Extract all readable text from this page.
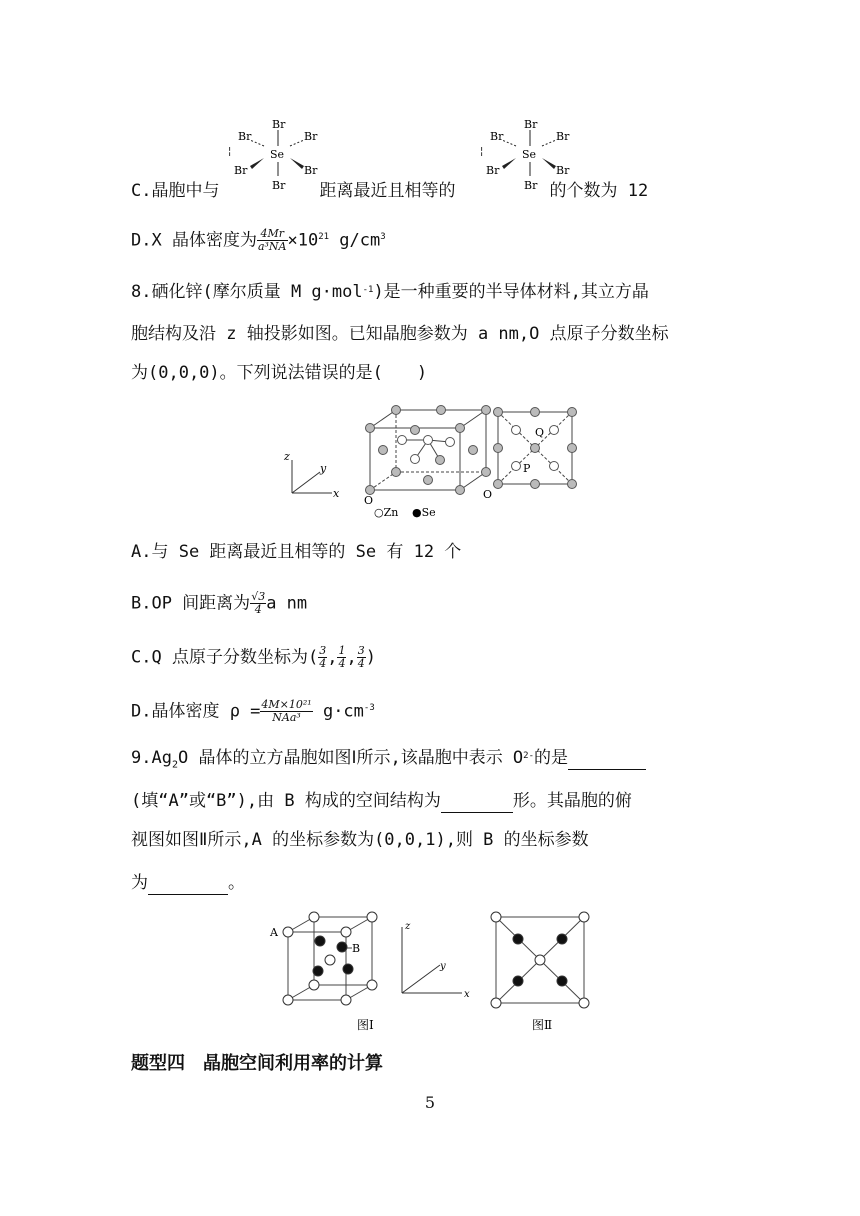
Br
Br	Br
Se
Br	Br
Br
¦
Br
Br	Br
Se
Br	Br
Br
¦
C.晶胞中与	距离最近且相等的	的个数为 12
D.X 晶体密度为 $\frac{4Mr}{\text{a³NA}} \times 10^{21}$ $g/cm^3$
8.硒化锌(摩尔质量 M g·mol$^{-1}$)是一种重要的半导体材料,其立方晶
胞结构及沿 z 轴投影如图。已知晶胞参数为 a nm,O 点原子分数坐标
为(0,0,0)。下列说法错误的是(　　)
z
y
x
O
○Zn ●Se
Q
P
O
A.与 Se 距离最近且相等的 Se 有 12 个
B.OP 间距离为 $\frac{√3}{4}$ a nm
C.Q 点原子分数坐标为( $\frac{3}{4}$ , $\frac{1}{4}$ , $\frac{3}{4}$ )
D.晶体密度 $\rho = \frac{\text{4M×10²¹}}{\text{NAa³}} g\cdot cm^{-3}$
$9.Ag_2O$ 晶体的立方晶胞如图Ⅰ所示,该晶胞中表示 $O^{2-}$的是
(填“A”或“B”),由 B 构成的空间结构为	形。其晶胞的俯
视图如图Ⅱ所示,A 的坐标参数为(0,0,1),则 B 的坐标参数
为	。
A
B
图Ⅰ
z
y
x
图Ⅱ
题型四　晶胞空间利用率的计算
5
